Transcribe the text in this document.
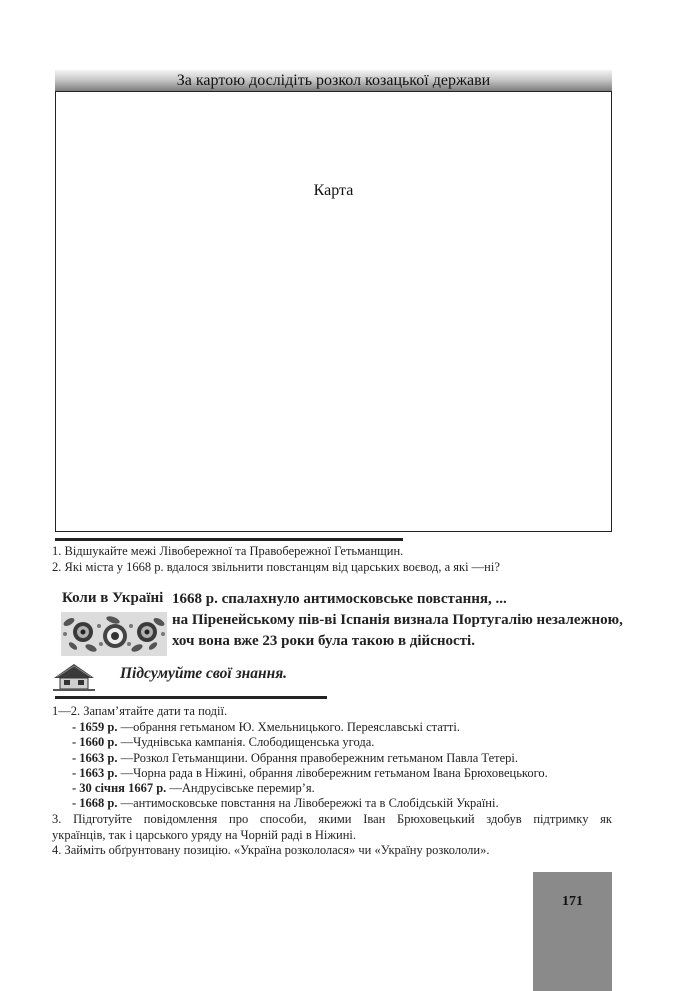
За картою дослідіть розкол козацької держави
Карта
1. Відшукайте межі Лівобережної та Правобережної Гетьманщин.
2. Які міста у 1668 р. вдалося звільнити повстанцям від царських воєвод, а які —ні?
Коли в Україні 1668 р. спалахнуло антимосковське повстання, ...
на Піренейському пів-ві Іспанія визнала Португалію незалежною,
хоч вона вже 23 роки була такою в дійсності.
Підсумуйте свої знання.
1—2. Запам’ятайте дати та події.
- 1659 р. —обрання гетьманом Ю. Хмельницького. Переяславські статті.
- 1660 р. —Чуднівська кампанія. Слободищенська угода.
- 1663 р. —Розкол Гетьманщини. Обрання правобережним гетьманом Павла Тетері.
- 1663 р. —Чорна рада в Ніжині, обрання лівобережним гетьманом Івана Брюховецького.
- 30 січня 1667 р. —Андрусівське перемир’я.
- 1668 р. —антимосковське повстання на Лівобережжі та в Слобідській Україні.
3. Підготуйте повідомлення про способи, якими Іван Брюховецький здобув підтримку як
українців, так і царського уряду на Чорній раді в Ніжині.
4. Займіть обґрунтовану позицію. «Україна розкололася» чи «Україну розкололи».
171
